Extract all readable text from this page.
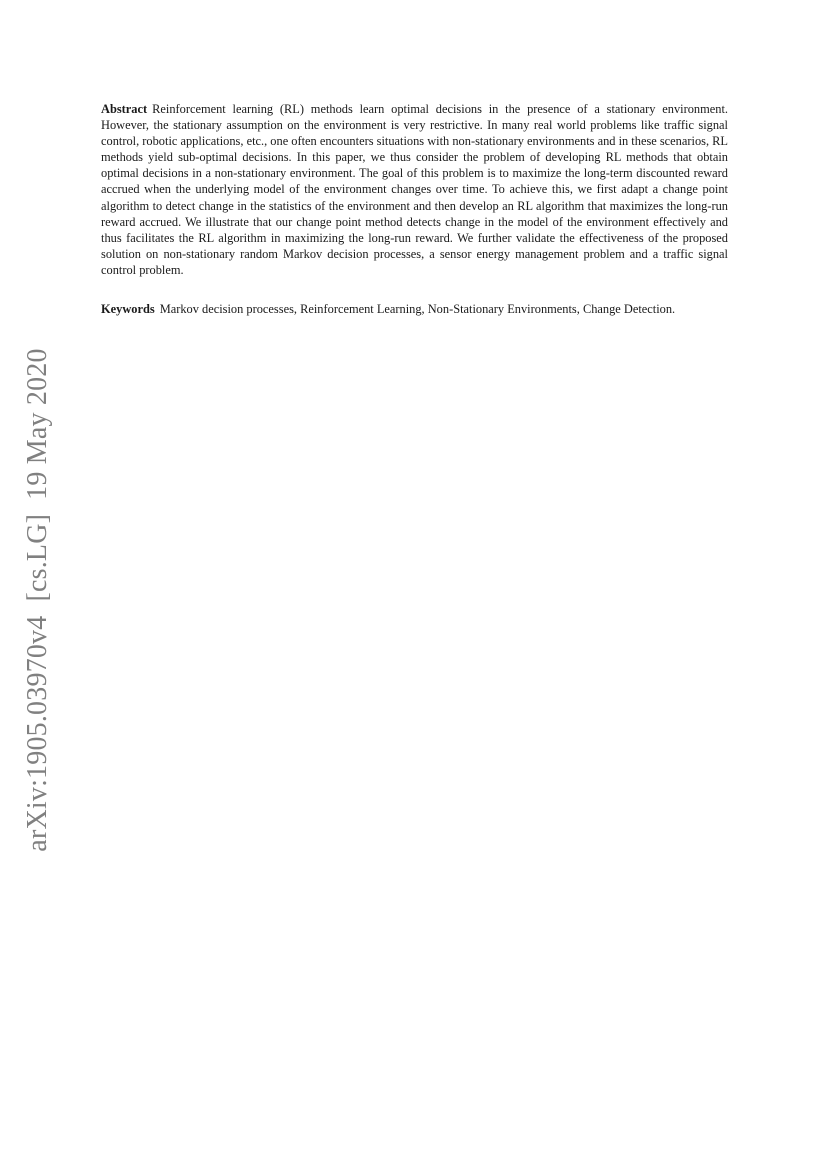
Abstract Reinforcement learning (RL) methods learn optimal decisions in the presence of a stationary environment. However, the stationary assumption on the environment is very restrictive. In many real world problems like traffic signal control, robotic applications, etc., one often encounters situations with non-stationary environments and in these scenarios, RL methods yield sub-optimal decisions. In this paper, we thus consider the problem of developing RL methods that obtain optimal decisions in a non-stationary environment. The goal of this problem is to maximize the long-term discounted reward accrued when the underlying model of the environment changes over time. To achieve this, we first adapt a change point algorithm to detect change in the statistics of the environment and then develop an RL algorithm that maximizes the long-run reward accrued. We illustrate that our change point method detects change in the model of the environment effectively and thus facilitates the RL algorithm in maximizing the long-run reward. We further validate the effectiveness of the proposed solution on non-stationary random Markov decision processes, a sensor energy management problem and a traffic signal control problem.

Keywords Markov decision processes, Reinforcement Learning, Non-Stationary Environments, Change Detection.

arXiv:1905.03970v4[cs.LG]19 May 2020
